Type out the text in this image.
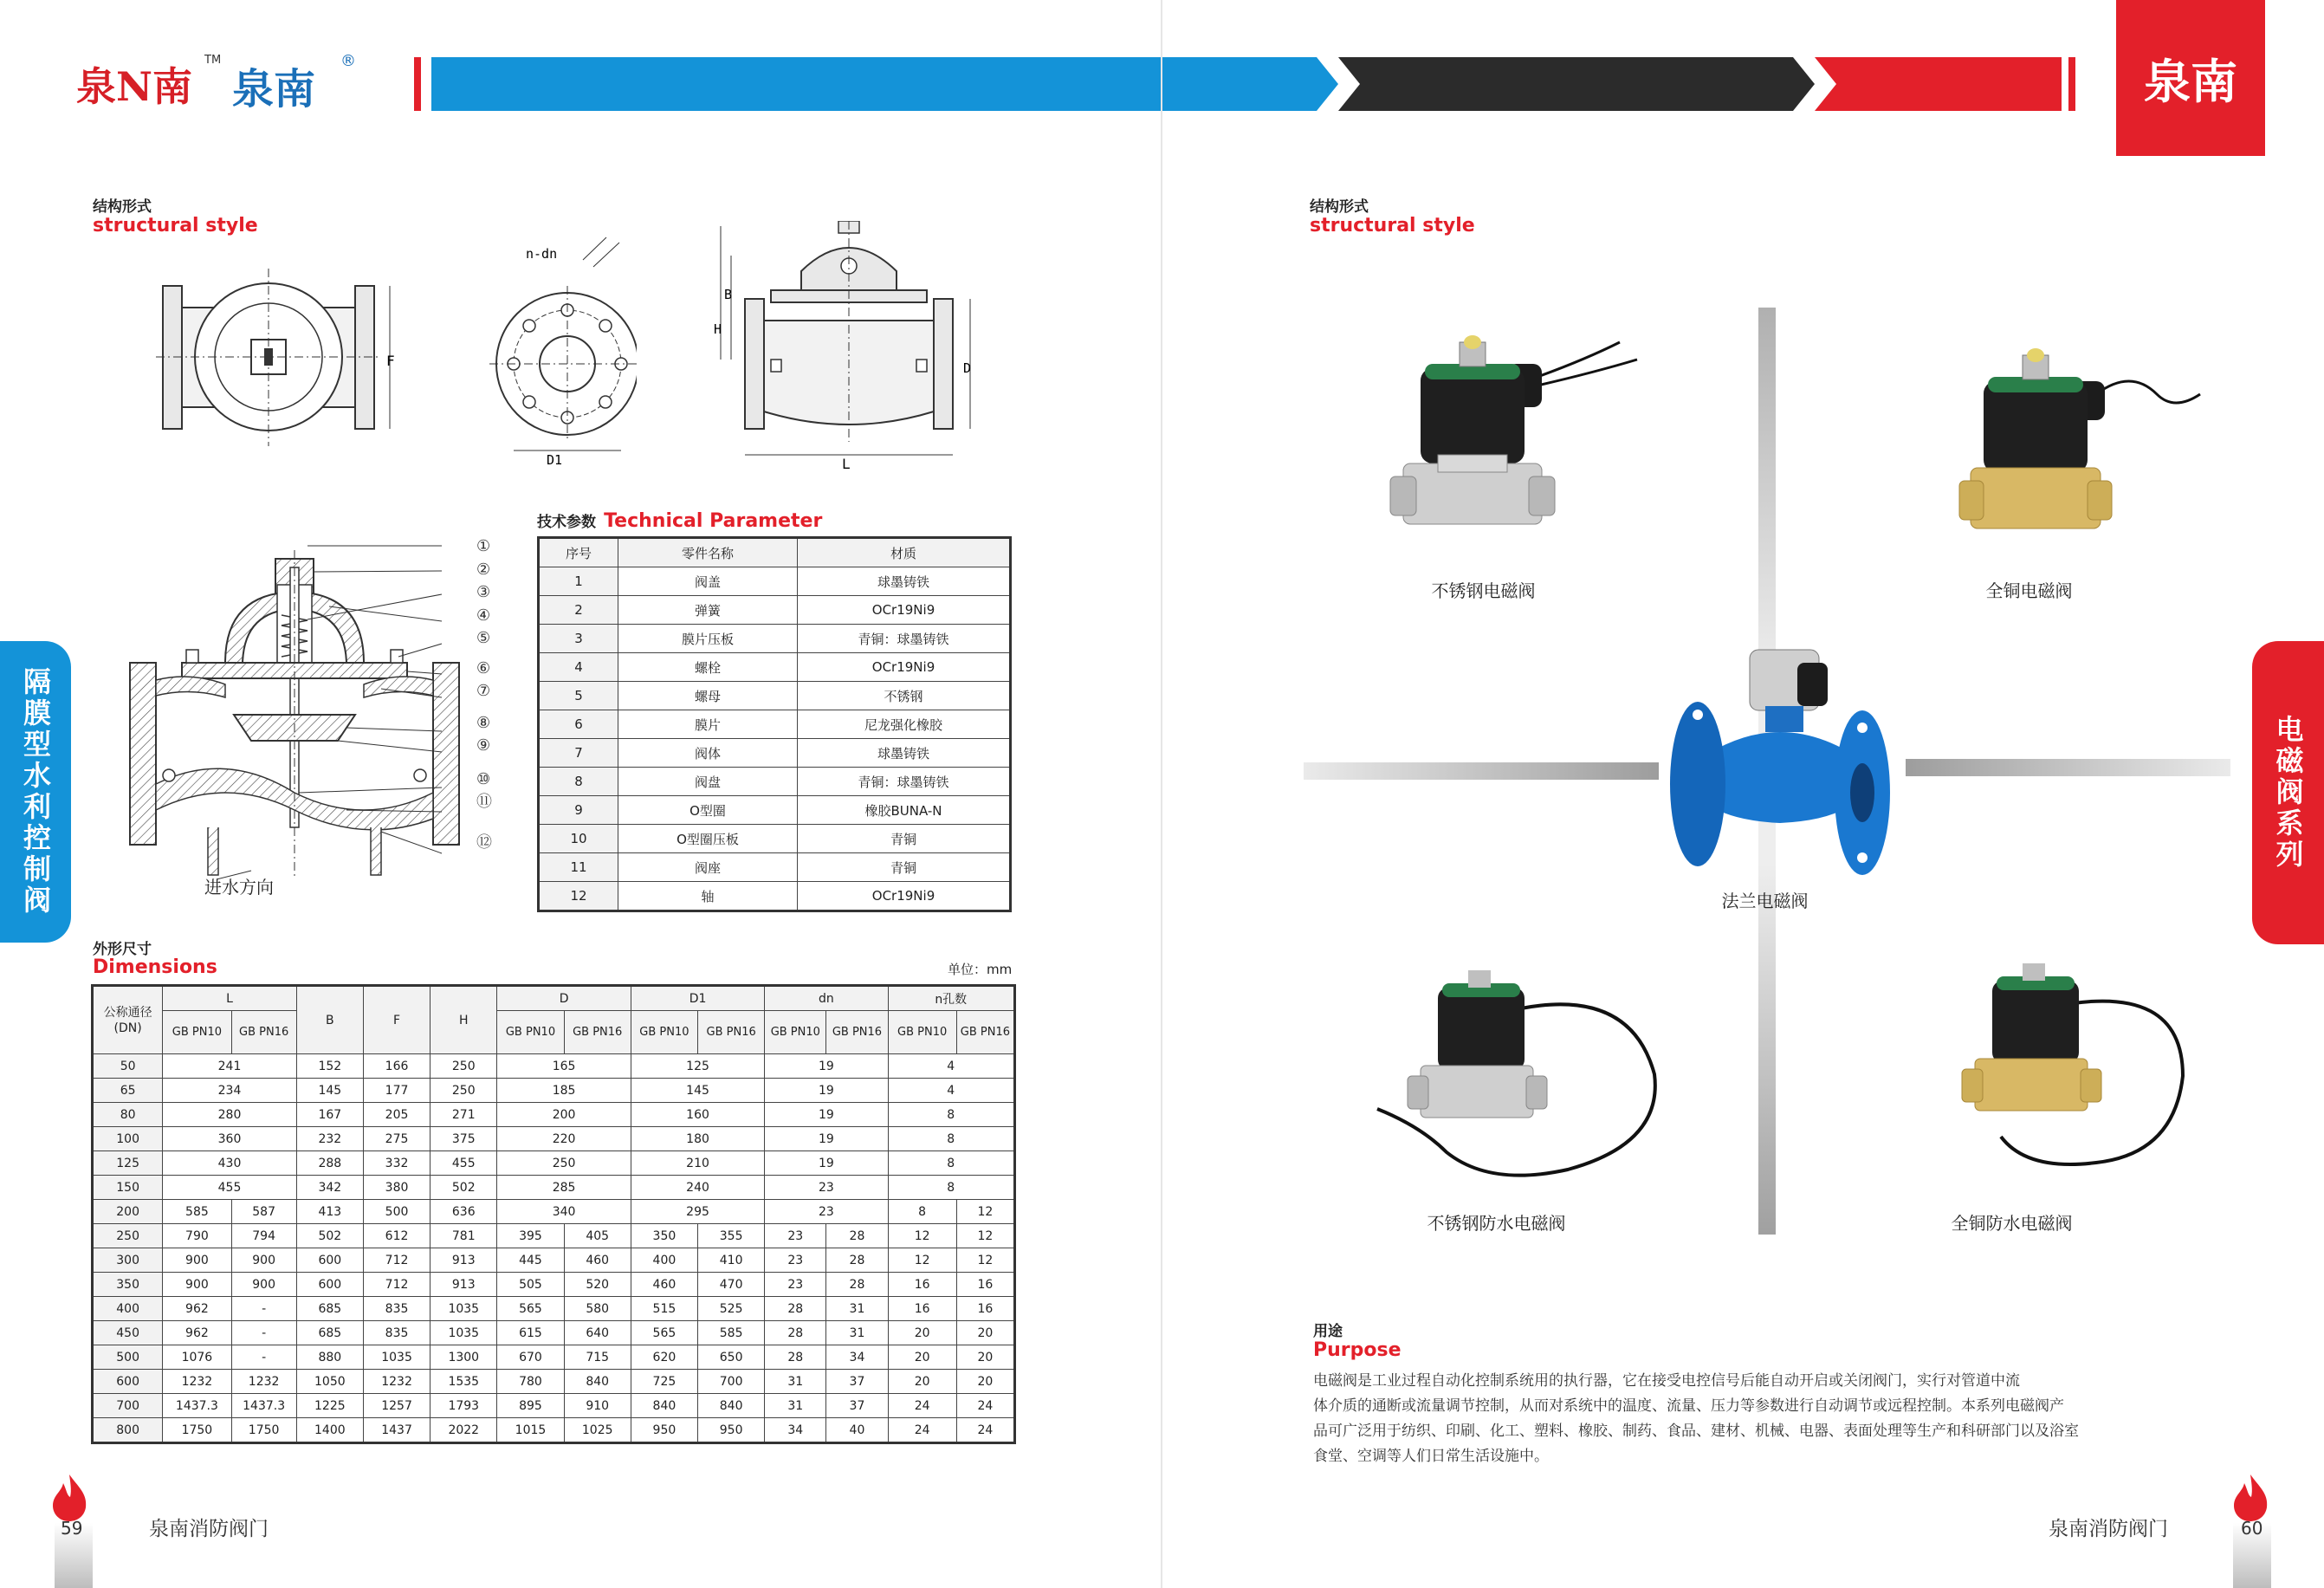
泉N南
TM
泉南
®	泉南
隔膜型水利控制阀
结构形式
structural style
F
n-dn
D1
B
H
D
L
①
②
③
④
⑤
⑥
⑦
⑧
⑨
⑩
⑪
⑫
进水方向
技术参数 Technical Parameter
序号	零件名称	材质
1	阀盖	球墨铸铁
2	弹簧	OCr19Ni9
3	膜片压板	青铜：球墨铸铁
4	螺栓	OCr19Ni9
5	螺母	不锈钢
6	膜片	尼龙强化橡胶
7	阀体	球墨铸铁
8	阀盘	青铜：球墨铸铁
9	O型圈	橡胶BUNA-N
10	O型圈压板	青铜
11	阀座	青铜
12	轴	OCr19Ni9
外形尺寸
Dimensions	单位：mm
公称通径(DN)	L		B	F	H	D		D1		dn		n孔数	
	GB PN10	GB PN16				GB PN10	GB PN16	GB PN10	GB PN16	GB PN10	GB PN16	GB PN10	GB PN16
50	241		152	166	250	165		125		19		4	
65	234		145	177	250	185		145		19		4	
80	280		167	205	271	200		160		19		8	
100	360		232	275	375	220		180		19		8	
125	430		288	332	455	250		210		19		8	
150	455		342	380	502	285		240		23		8	
200	585	587	413	500	636	340		295		23		8	12
250	790	794	502	612	781	395	405	350	355	23	28	12	12
300	900	900	600	712	913	445	460	400	410	23	28	12	12
350	900	900	600	712	913	505	520	460	470	23	28	16	16
400	962	-	685	835	1035	565	580	515	525	28	31	16	16
450	962	-	685	835	1035	615	640	565	585	28	31	20	20
500	1076	-	880	1035	1300	670	715	620	650	28	34	20	20
600	1232	1232	1050	1232	1535	780	840	725	700	31	37	20	20
700	1437.3	1437.3	1225	1257	1793	895	910	840	840	31	37	24	24
800	1750	1750	1400	1437	2022	1015	1025	950	950	34	40	24	24
59	泉南消防阀门
结构形式
structural style
电磁阀系列
不锈钢电磁阀	全铜电磁阀
法兰电磁阀
不锈钢防水电磁阀	全铜防水电磁阀
用途
Purpose
电磁阀是工业过程自动化控制系统用的执行器，它在接受电控信号后能自动开启或关闭阀门，实行对管道中流
体介质的通断或流量调节控制，从而对系统中的温度、流量、压力等参数进行自动调节或远程控制。本系列电磁阀产
品可广泛用于纺织、印刷、化工、塑料、橡胶、制药、食品、建材、机械、电器、表面处理等生产和科研部门以及浴室
食堂、空调等人们日常生活设施中。
60
泉南消防阀门
